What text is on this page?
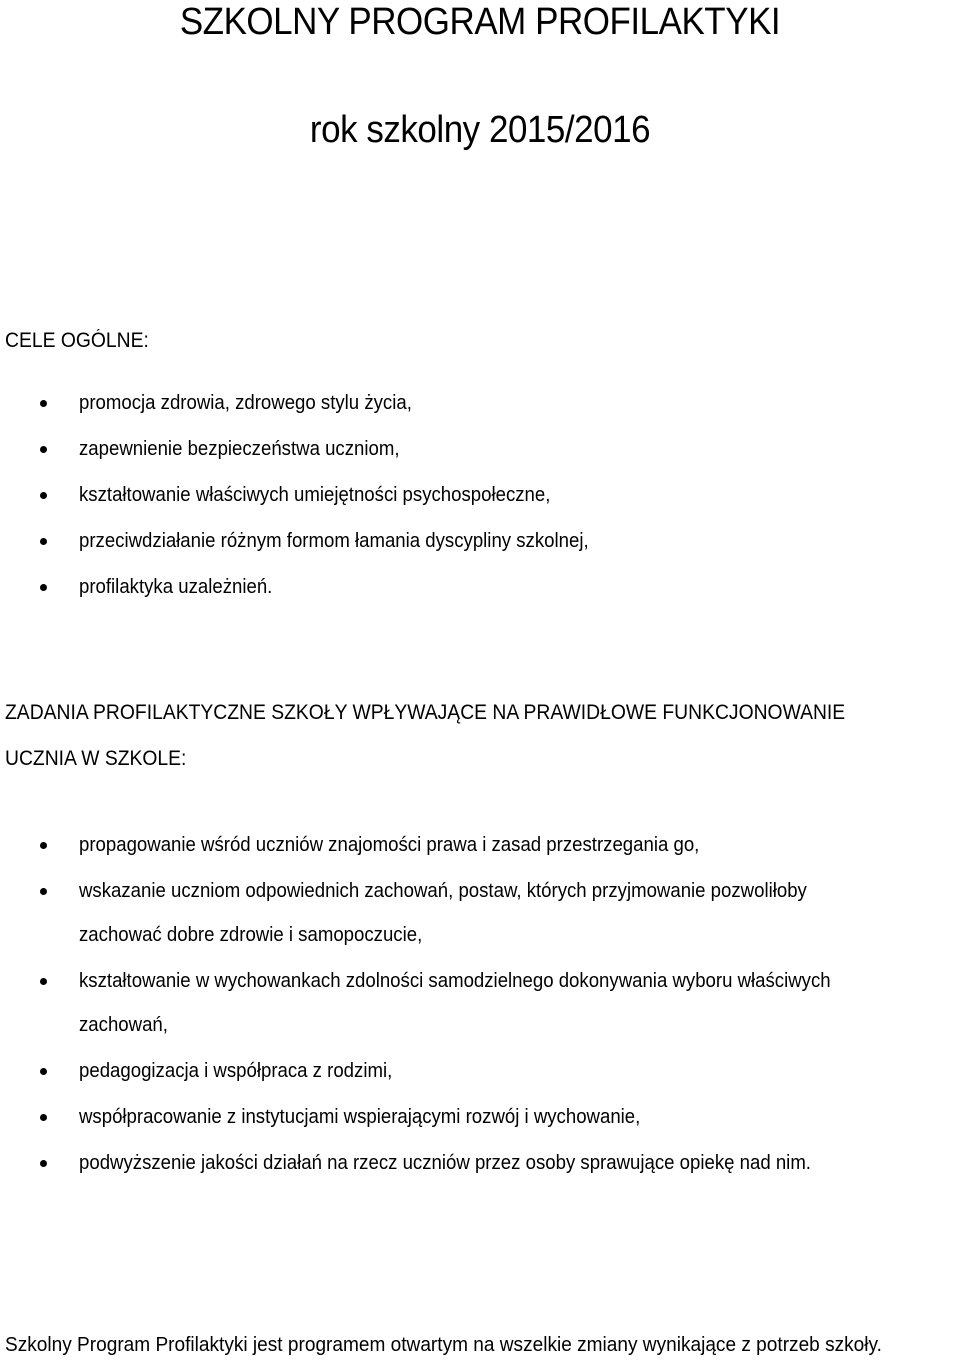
SZKOLNY PROGRAM PROFILAKTYKI
rok szkolny 2015/2016
CELE OGÓLNE:
promocja zdrowia, zdrowego stylu życia,
zapewnienie bezpieczeństwa uczniom,
kształtowanie właściwych umiejętności psychospołeczne,
przeciwdziałanie różnym formom łamania dyscypliny szkolnej,
profilaktyka uzależnień.
ZADANIA PROFILAKTYCZNE SZKOŁY WPŁYWAJĄCE NA PRAWIDŁOWE FUNKCJONOWANIE
UCZNIA W SZKOLE:
propagowanie wśród uczniów znajomości prawa i zasad przestrzegania go,
wskazanie uczniom odpowiednich zachowań, postaw, których przyjmowanie pozwoliłoby
zachować dobre zdrowie i samopoczucie,
kształtowanie w wychowankach zdolności samodzielnego dokonywania wyboru właściwych
zachowań,
pedagogizacja i współpraca z rodzimi,
współpracowanie z instytucjami wspierającymi rozwój i wychowanie,
podwyższenie jakości działań na rzecz uczniów przez osoby sprawujące opiekę nad nim.
Szkolny Program Profilaktyki jest programem otwartym na wszelkie zmiany wynikające z potrzeb szkoły.
